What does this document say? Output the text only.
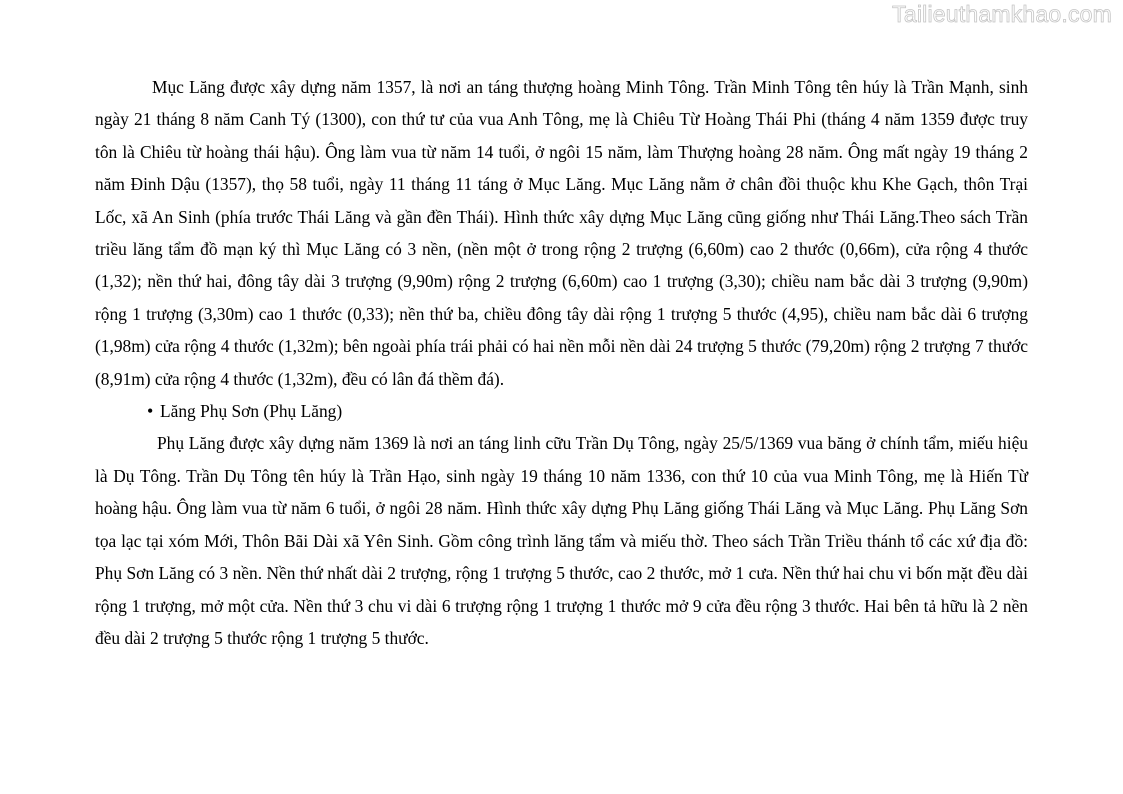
Tailieuthamkhao.com

Mục Lăng được xây dựng năm 1357, là nơi an táng thượng hoàng Minh Tông. Trần Minh Tông tên húy là Trần Mạnh, sinh ngày 21 tháng 8 năm Canh Tý (1300), con thứ tư của vua Anh Tông, mẹ là Chiêu Từ Hoàng Thái Phi (tháng 4 năm 1359 được truy tôn là Chiêu từ hoàng thái hậu). Ông làm vua từ năm 14 tuổi, ở ngôi 15 năm, làm Thượng hoàng 28 năm. Ông mất ngày 19 tháng 2 năm Đinh Dậu (1357), thọ 58 tuổi, ngày 11 tháng 11 táng ở Mục Lăng. Mục Lăng nằm ở chân đồi thuộc khu Khe Gạch, thôn Trại Lốc, xã An Sinh (phía trước Thái Lăng và gần đền Thái). Hình thức xây dựng Mục Lăng cũng giống như Thái Lăng.Theo sách Trần triều lăng tẩm đồ mạn ký thì Mục Lăng có 3 nền, (nền một ở trong rộng 2 trượng (6,60m) cao 2 thước (0,66m), cửa rộng 4 thước (1,32); nền thứ hai, đông tây dài 3 trượng (9,90m) rộng 2 trượng (6,60m) cao 1 trượng (3,30); chiều nam bắc dài 3 trượng (9,90m) rộng 1 trượng (3,30m) cao 1 thước (0,33); nền thứ ba, chiều đông tây dài rộng 1 trượng 5 thước (4,95), chiều nam bắc dài 6 trượng (1,98m) cửa rộng 4 thước (1,32m); bên ngoài phía trái phải có hai nền mỗi nền dài 24 trượng 5 thước (79,20m) rộng 2 trượng 7 thước (8,91m) cửa rộng 4 thước (1,32m), đều có lân đá thềm đá).

• Lăng Phụ Sơn (Phụ Lăng)

Phụ Lăng được xây dựng năm 1369 là nơi an táng linh cữu Trần Dụ Tông, ngày 25/5/1369 vua băng ở chính tẩm, miếu hiệu là Dụ Tông. Trần Dụ Tông tên húy là Trần Hạo, sinh ngày 19 tháng 10 năm 1336, con thứ 10 của vua Minh Tông, mẹ là Hiến Từ hoàng hậu. Ông làm vua từ năm 6 tuổi, ở ngôi 28 năm. Hình thức xây dựng Phụ Lăng giống Thái Lăng và Mục Lăng. Phụ Lăng Sơn tọa lạc tại xóm Mới, Thôn Bãi Dài xã Yên Sinh. Gồm công trình lăng tẩm và miếu thờ. Theo sách Trần Triều thánh tổ các xứ địa đồ: Phụ Sơn Lăng có 3 nền. Nền thứ nhất dài 2 trượng, rộng 1 trượng 5 thước, cao 2 thước, mở 1 cưa. Nền thứ hai chu vi bốn mặt đều dài rộng 1 trượng, mở một cửa. Nền thứ 3 chu vi dài 6 trượng rộng 1 trượng 1 thước mở 9 cửa đều rộng 3 thước. Hai bên tả hữu là 2 nền đều dài 2 trượng 5 thước rộng 1 trượng 5 thước.
